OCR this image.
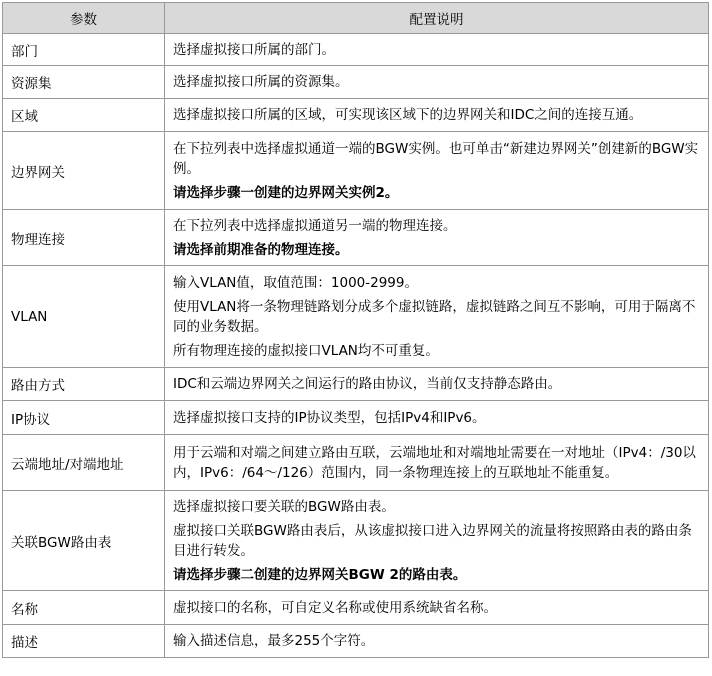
参数	配置说明
部门	选择虚拟接口所属的部门。

资源集	选择虚拟接口所属的资源集。

区域	选择虚拟接口所属的区域，可实现该区域下的边界网关和IDC之间的连接互通。

边界网关	在下拉列表中选择虚拟通道一端的BGW实例。也可单击“新建边界网关”创建新的BGW实例。

请选择步骤一创建的边界网关实例2。

物理连接	在下拉列表中选择虚拟通道另一端的物理连接。

请选择前期准备的物理连接。

VLAN	输入VLAN值，取值范围：1000-2999。

使用VLAN将一条物理链路划分成多个虚拟链路，虚拟链路之间互不影响，可用于隔离不同的业务数据。

所有物理连接的虚拟接口VLAN均不可重复。

路由方式	IDC和云端边界网关之间运行的路由协议，当前仅支持静态路由。

IP协议	选择虚拟接口支持的IP协议类型，包括IPv4和IPv6。

云端地址/对端地址	用于云端和对端之间建立路由互联，云端地址和对端地址需要在一对地址（IPv4：/30以内，IPv6：/64～/126）范围内，同一条物理连接上的互联地址不能重复。

关联BGW路由表	选择虚拟接口要关联的BGW路由表。

虚拟接口关联BGW路由表后，从该虚拟接口进入边界网关的流量将按照路由表的路由条目进行转发。

请选择步骤二创建的边界网关BGW 2的路由表。

名称	虚拟接口的名称，可自定义名称或使用系统缺省名称。

描述	输入描述信息，最多255个字符。
